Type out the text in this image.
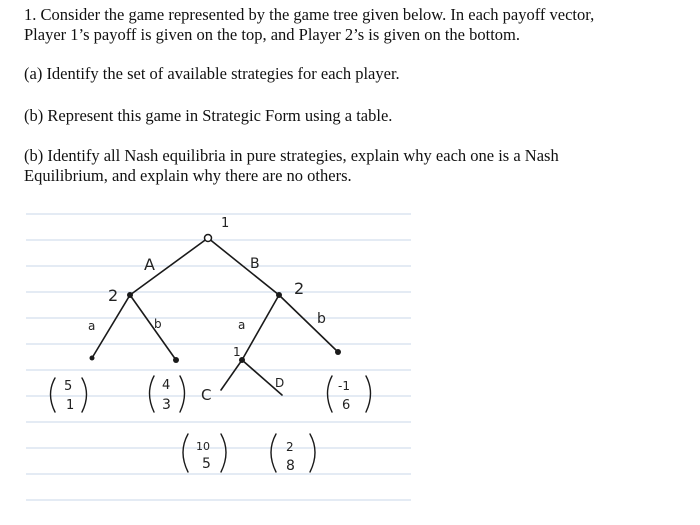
1. Consider the game represented by the game tree given below. In each payoff vector,

Player 1’s payoff is given on the top, and Player 2’s is given on the bottom.

(a) Identify the set of available strategies for each player.

(b) Represent this game in Strategic Form using a table.

(b) Identify all Nash equilibria in pure strategies, explain why each one is a Nash

Equilibrium, and explain why there are no others.

1
2	2
1
A	B
a	b	a	b
C
D
5
1
4
3
-1
6
10
5
2
8
